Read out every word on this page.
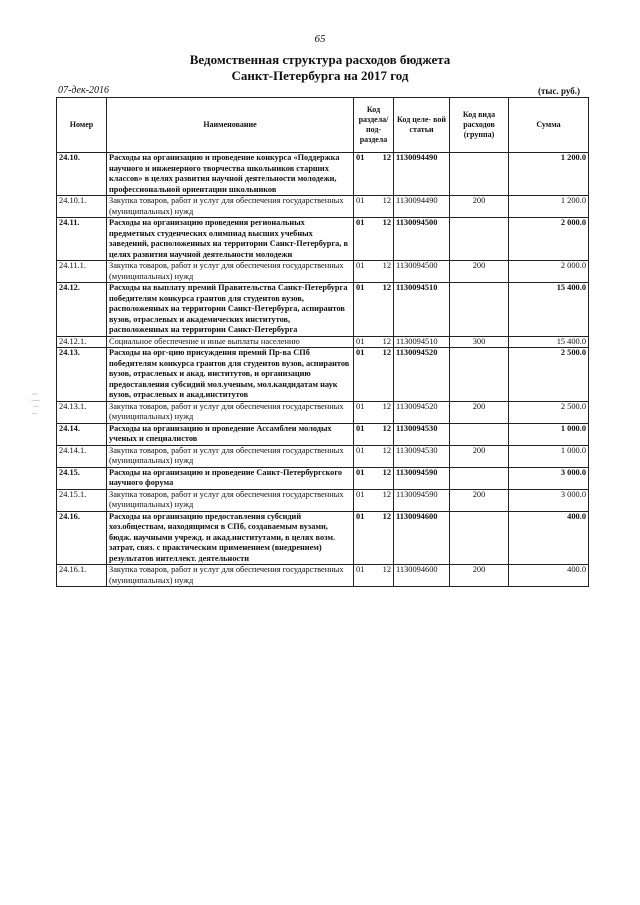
65
Ведомственная структура расходов бюджета
Санкт-Петербурга на 2017 год
07-дек-2016	(тыс. руб.)
Номер	Наименование	Код раздела/ под- раздела	Код целе- вой статьи	Код вида расходов (группа)	Сумма
24.10.	Расходы на организацию и проведение конкурса «Поддержка научного и инженерного творчества школьников старших классов» в целях развития научной деятельности молодежи, профессиональной ориентации школьников	01 12	1130094490		1 200.0
24.10.1.	Закупка товаров, работ и услуг для обеспечения государственных (муниципальных) нужд	01 12	1130094490	200	1 200.0
24.11.	Расходы на организацию проведения региональных предметных студенческих олимпиад высших учебных заведений, расположенных на территории Санкт-Петербурга, в целях развития научной деятельности молодежи	01 12	1130094500		2 000.0
24.11.1.	Закупка товаров, работ и услуг для обеспечения государственных (муниципальных) нужд	01 12	1130094500	200	2 000.0
24.12.	Расходы на выплату премий Правительства Санкт-Петербурга победителям конкурса грантов для студентов вузов, расположенных на территории Санкт-Петербурга, аспирантов вузов, отраслевых и академических институтов, расположенных на территории Санкт-Петербурга	01 12	1130094510		15 400.0
24.12.1.	Социальное обеспечение и иные выплаты населению	01 12	1130094510	300	15 400.0
24.13.	Расходы на орг-цию присуждения премий Пр-ва СПб победителям конкурса грантов для студентов вузов, аспирантов вузов, отраслевых и акад. институтов, и организацию предоставления субсидий мол.ученым, мол.кандидатам наук вузов, отраслевых и акад.институтов	01 12	1130094520		2 500.0
24.13.1.	Закупка товаров, работ и услуг для обеспечения государственных (муниципальных) нужд	01 12	1130094520	200	2 500.0
24.14.	Расходы на организацию и проведение Ассамблеи молодых ученых и специалистов	01 12	1130094530		1 000.0
24.14.1.	Закупка товаров, работ и услуг для обеспечения государственных (муниципальных) нужд	01 12	1130094530	200	1 000.0
24.15.	Расходы на организацию и проведение Санкт-Петербургского научного форума	01 12	1130094590		3 000.0
24.15.1.	Закупка товаров, работ и услуг для обеспечения государственных (муниципальных) нужд	01 12	1130094590	200	3 000.0
24.16.	Расходы на организацию предоставления субсидий хоз.обществам, находящимся в СПб, создаваемым вузами, бюдж. научными учрежд. и акад.институтами, в целях возм. затрат, связ. с практическим применением (внедрением) результатов интеллект. деятельности	01 12	1130094600		400.0
24.16.1.	Закупка товаров, работ и услуг для обеспечения государственных (муниципальных) нужд	01 12	1130094600	200	400.0
